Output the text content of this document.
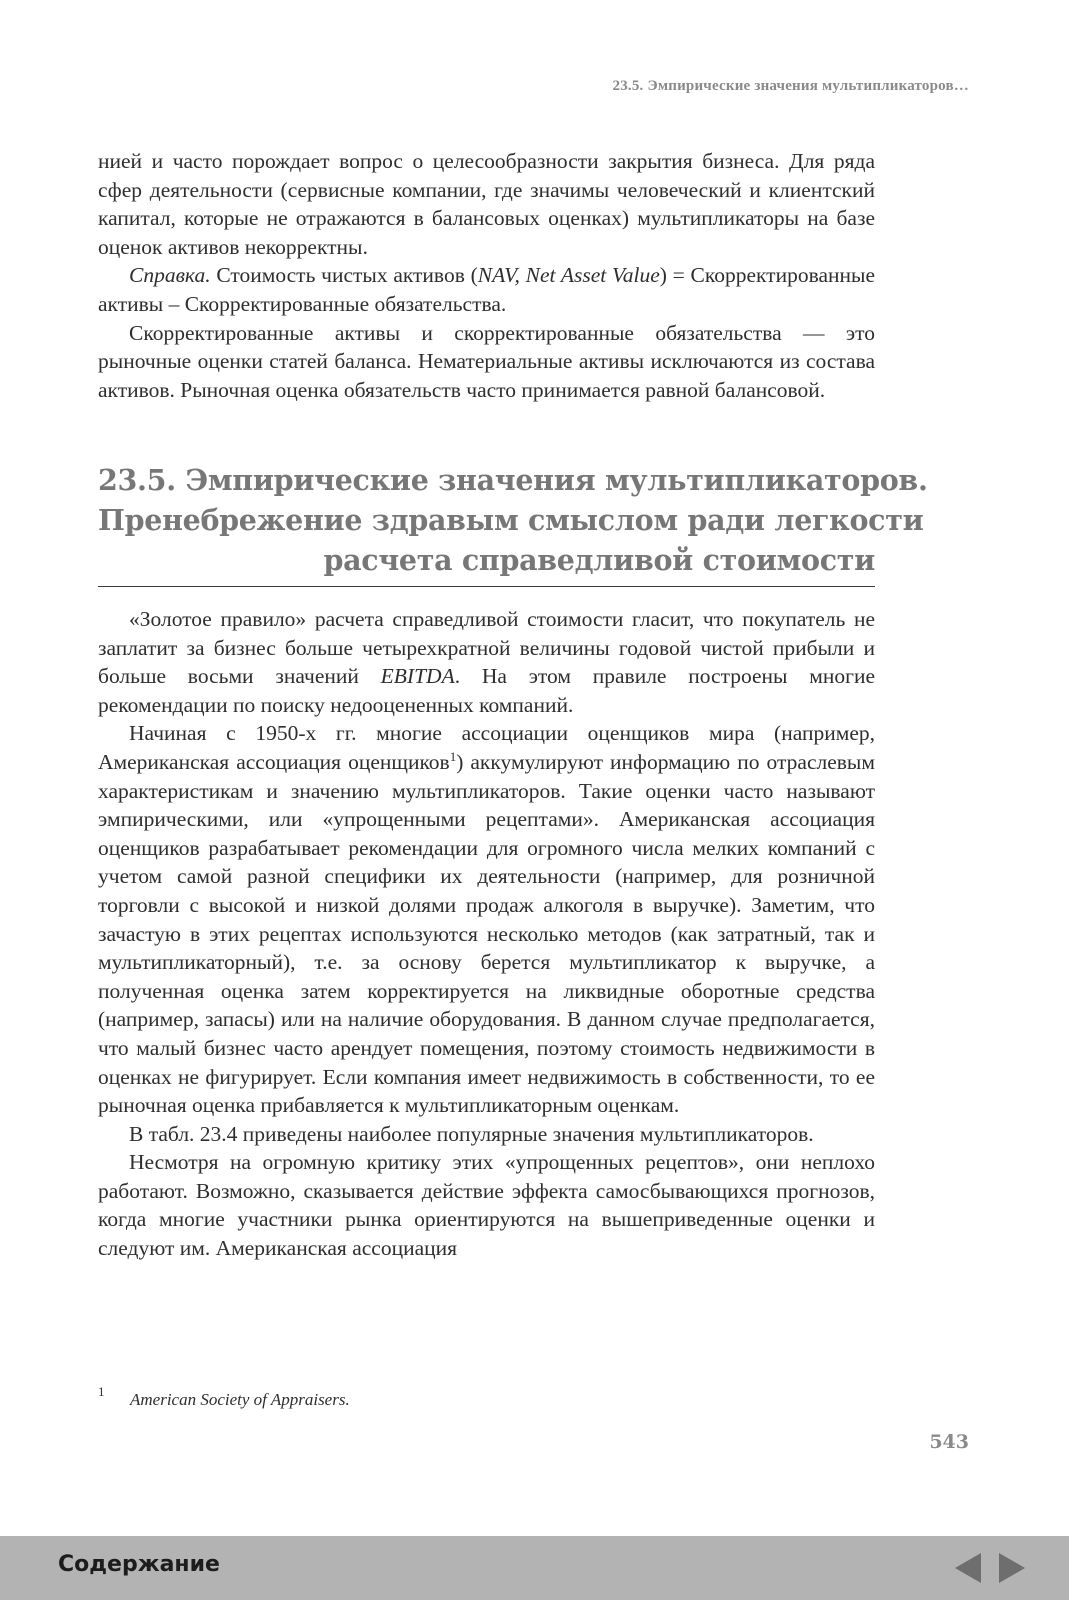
23.5. Эмпирические значения мультипликаторов…

нией и часто порождает вопрос о целесообразности закрытия бизнеса. Для ряда сфер деятельности (сервисные компании, где значимы человеческий и клиентский капитал, которые не отражаются в балансовых оценках) мультипликаторы на базе оценок активов некорректны.

Справка. Стоимость чистых активов (NAV, Net Asset Value) = Скорректированные активы – Скорректированные обязательства.

Скорректированные активы и скорректированные обязательства — это рыночные оценки статей баланса. Нематериальные активы исключаются из состава активов. Рыночная оценка обязательств часто принимается равной балансовой.

23.5. Эмпирические значения мультипликаторов.
Пренебрежение здравым смыслом ради легкости
расчета справедливой стоимости

«Золотое правило» расчета справедливой стоимости гласит, что покупатель не заплатит за бизнес больше четырехкратной величины годовой чистой прибыли и больше восьми значений EBITDA. На этом правиле построены многие рекомендации по поиску недооцененных компаний.

Начиная с 1950-х гг. многие ассоциации оценщиков мира (например, Американская ассоциация оценщиков$^1$) аккумулируют информацию по отраслевым характеристикам и значению мультипликаторов. Такие оценки часто называют эмпирическими, или «упрощенными рецептами». Американская ассоциация оценщиков разрабатывает рекомендации для огромного числа мелких компаний с учетом самой разной специфики их деятельности (например, для розничной торговли с высокой и низкой долями продаж алкоголя в выручке). Заметим, что зачастую в этих рецептах используются несколько методов (как затратный, так и мультипликаторный), т.е. за основу берется мультипликатор к выручке, а полученная оценка затем корректируется на ликвидные оборотные средства (например, запасы) или на наличие оборудования. В данном случае предполагается, что малый бизнес часто арендует помещения, поэтому стоимость недвижимости в оценках не фигурирует. Если компания имеет недвижимость в собственности, то ее рыночная оценка прибавляется к мультипликаторным оценкам.

В табл. 23.4 приведены наиболее популярные значения мультипликаторов.

Несмотря на огромную критику этих «упрощенных рецептов», они неплохо работают. Возможно, сказывается действие эффекта самосбывающихся прогнозов, когда многие участники рынка ориентируются на вышеприведенные оценки и следуют им. Американская ассоциация

1 American Society of Appraisers.
543
Содержание
